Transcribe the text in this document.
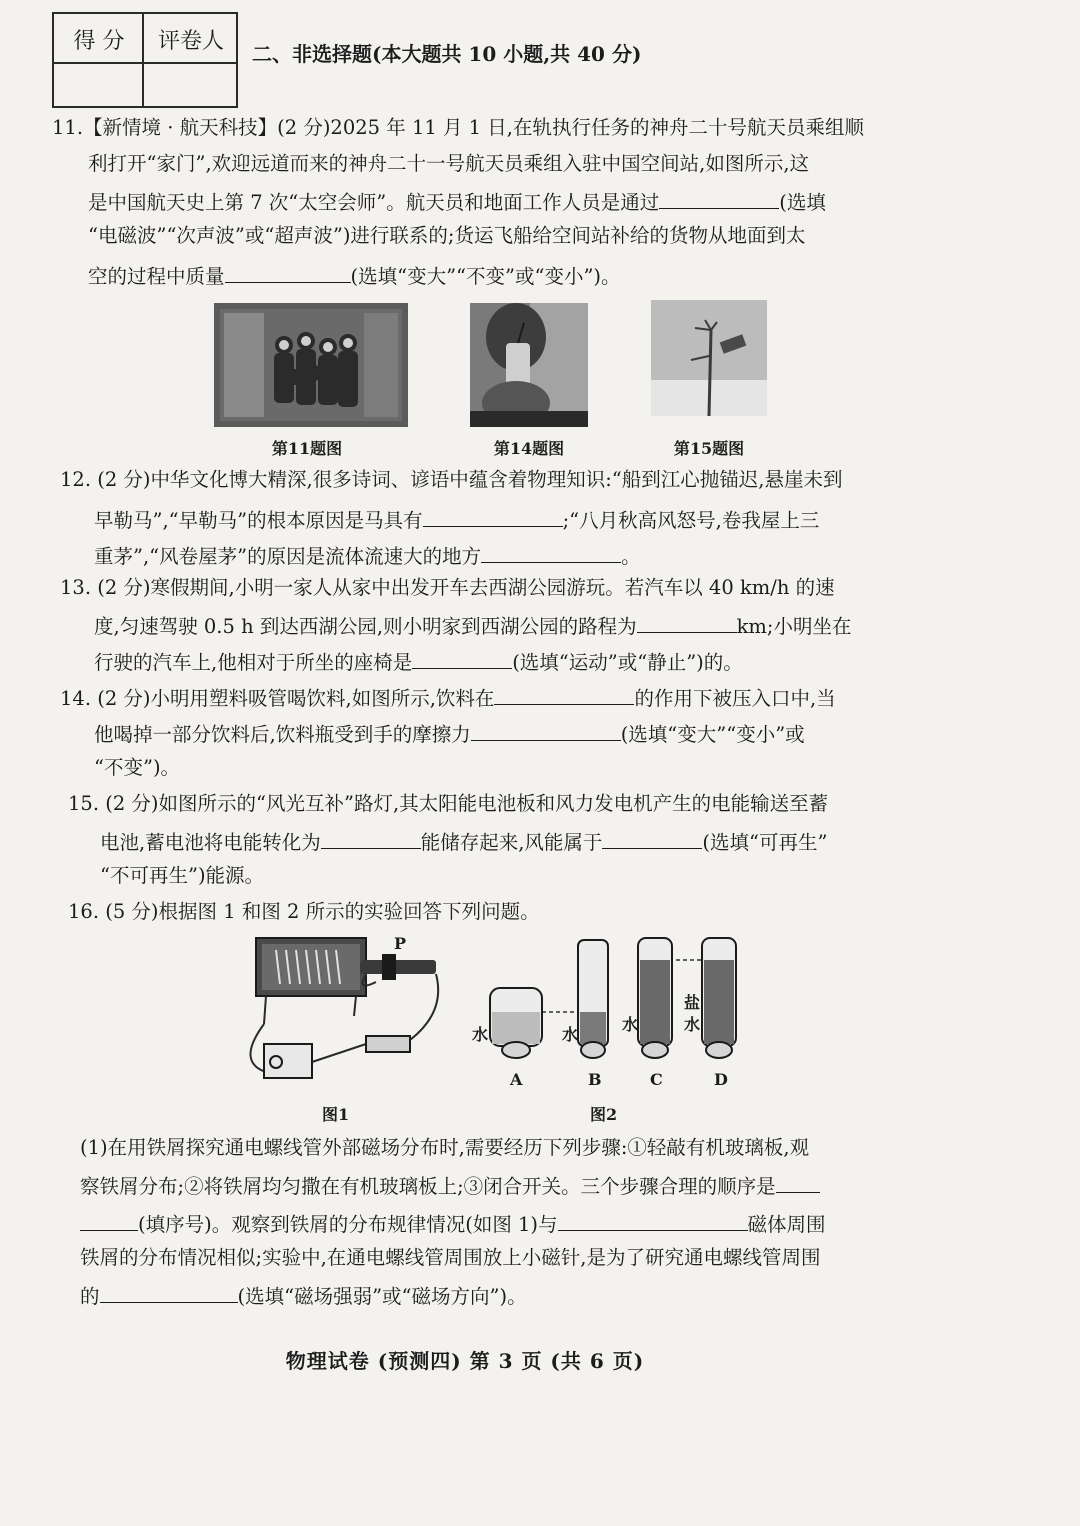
得 分	评卷人	二、非选择题(本大题共 10 小题,共 40 分)
11.【新情境 · 航天科技】(2 分)2025 年 11 月 1 日,在轨执行任务的神舟二十号航天员乘组顺
利打开“家门”,欢迎远道而来的神舟二十一号航天员乘组入驻中国空间站,如图所示,这
是中国航天史上第 7 次“太空会师”。航天员和地面工作人员是通过	(选填
“电磁波”“次声波”或“超声波”)进行联系的;货运飞船给空间站补给的货物从地面到太
空的过程中质量	(选填“变大”“不变”或“变小”)。
第11题图	第14题图	第15题图
12. (2 分)中华文化博大精深,很多诗词、谚语中蕴含着物理知识:“船到江心抛锚迟,悬崖未到
早勒马”,“早勒马”的根本原因是马具有	;“八月秋高风怒号,卷我屋上三
重茅”,“风卷屋茅”的原因是流体流速大的地方	。
13. (2 分)寒假期间,小明一家人从家中出发开车去西湖公园游玩。若汽车以 40 km/h 的速
度,匀速驾驶 0.5 h 到达西湖公园,则小明家到西湖公园的路程为	km;小明坐在
行驶的汽车上,他相对于所坐的座椅是	(选填“运动”或“静止”)的。
14. (2 分)小明用塑料吸管喝饮料,如图所示,饮料在	的作用下被压入口中,当
他喝掉一部分饮料后,饮料瓶受到手的摩擦力	(选填“变大”“变小”或
“不变”)。
15. (2 分)如图所示的“风光互补”路灯,其太阳能电池板和风力发电机产生的电能输送至蓄
电池,蓄电池将电能转化为	能储存起来,风能属于	(选填“可再生”
“不可再生”)能源。
16. (5 分)根据图 1 和图 2 所示的实验回答下列问题。
P
图1
水	水
水
盐
水
A	B	C	D
图2
(1)在用铁屑探究通电螺线管外部磁场分布时,需要经历下列步骤:①轻敲有机玻璃板,观
察铁屑分布;②将铁屑均匀撒在有机玻璃板上;③闭合开关。三个步骤合理的顺序是
(填序号)。观察到铁屑的分布规律情况(如图 1)与	磁体周围
铁屑的分布情况相似;实验中,在通电螺线管周围放上小磁针,是为了研究通电螺线管周围
的	(选填“磁场强弱”或“磁场方向”)。
物理试卷 (预测四) 第 3 页 (共 6 页)
